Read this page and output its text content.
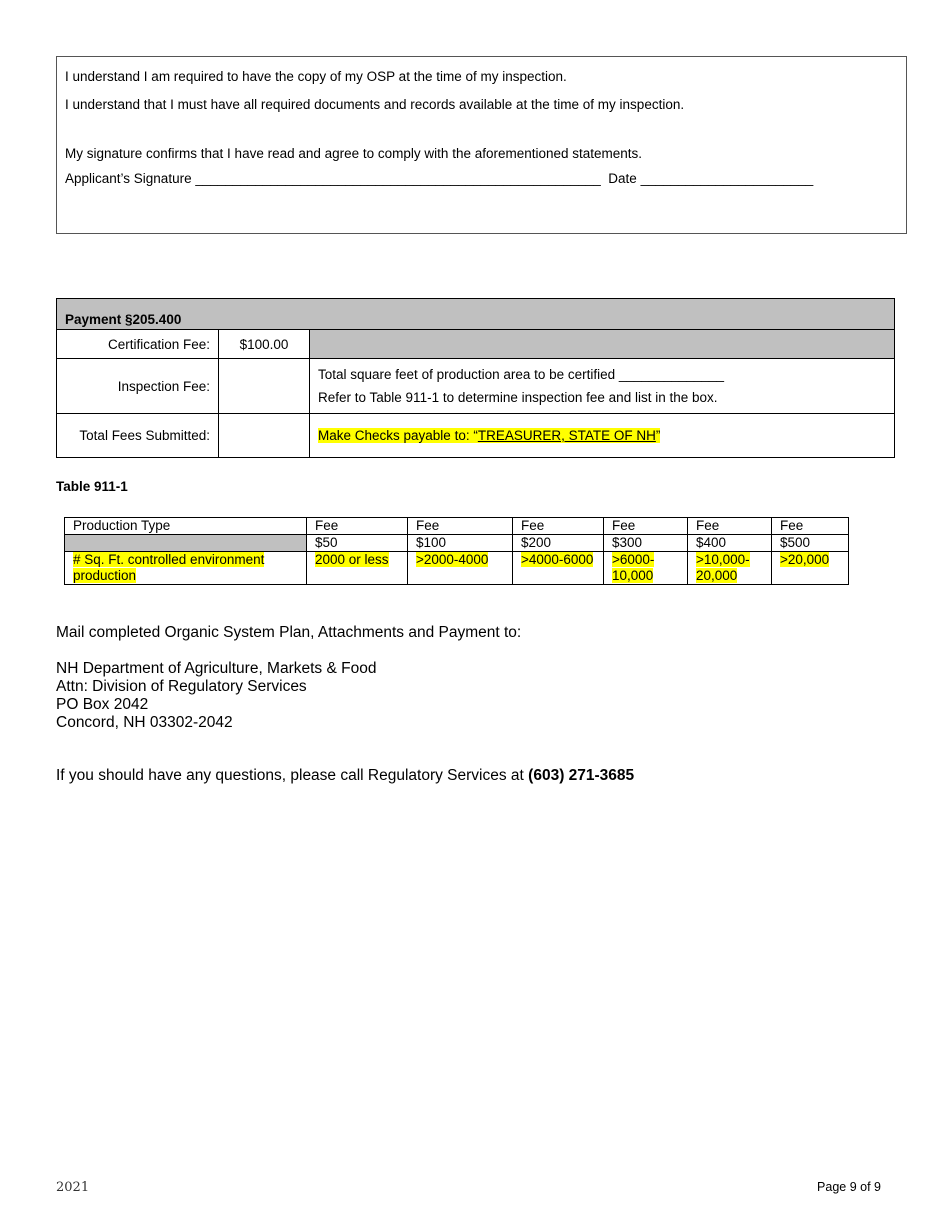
I understand I am required to have the copy of my OSP at the time of my inspection.
I understand that I must have all required documents and records available at the time of my inspection.
My signature confirms that I have read and agree to comply with the aforementioned statements.
Applicant’s Signature ______________________________________________________ Date _______________________
Payment §205.400		
Certification Fee:	$100.00	
Inspection Fee:		Total square feet of production area to be certified ______________
Refer to Table 911-1 to determine inspection fee and list in the box.

Total Fees Submitted:		Make Checks payable to: “TREASURER, STATE OF NH”
Table 911-1
Production Type	Fee	Fee	Fee	Fee	Fee	Fee
	$50	$100	$200	$300	$400	$500
# Sq. Ft. controlled environment production	2000 or less	>2000-4000	>4000-6000	>6000-10,000	>10,000-20,000	>20,000
Mail completed Organic System Plan, Attachments and Payment to:
NH Department of Agriculture, Markets & Food
Attn: Division of Regulatory Services
PO Box 2042
Concord, NH 03302-2042
If you should have any questions, please call Regulatory Services at (603) 271-3685
2021	Page 9 of 9
